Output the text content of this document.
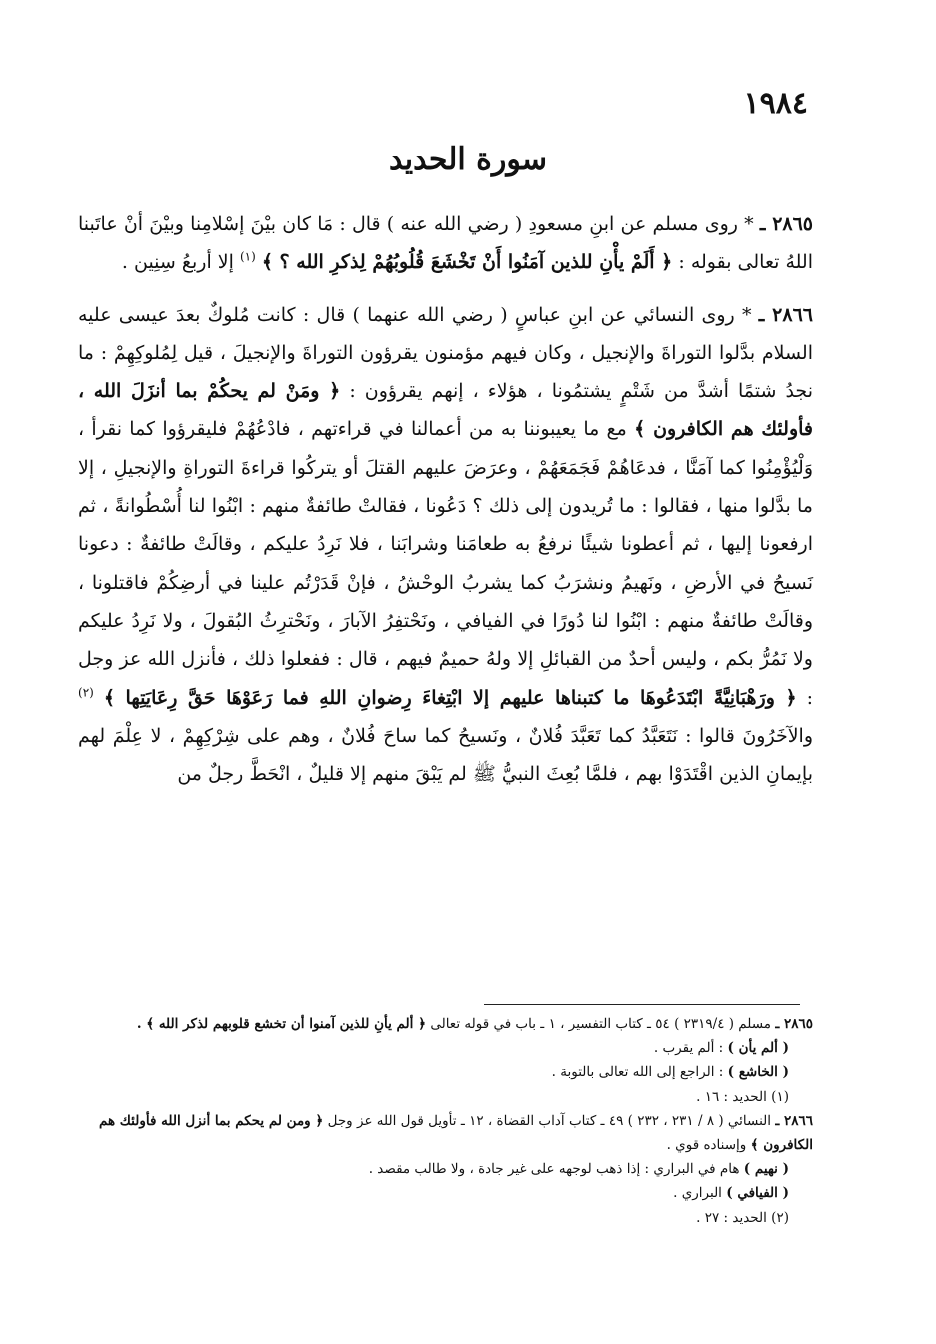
١٩٨٤
سورة الحديد

٢٨٦٥ ـ * روى مسلم عن ابنِ مسعودِ ( رضي الله عنه ) قال : مَا كان بيْنَ إسْلامِنا وبيْنَ أنْ عاتَبنا اللهُ تعالى بقوله : ﴿ أَلَمْ يأْنِ للذين آمَنُوا أَنْ تَخْشَعَ قُلُوبُهُمْ لِذكرِ الله ؟ ﴾ $^{(١)}$ إلا أربعُ سِنِين .

٢٨٦٦ ـ * روى النسائي عن ابنِ عباسٍ ( رضي الله عنهما ) قال : كانت مُلوكٌ بعدَ عيسى عليه السلام بدَّلوا التوراةَ والإنجيل ، وكان فيهم مؤمنون يقرؤون التوراةَ والإنجيلَ ، قيل لِمُلوكِهِمْ : ما نجدُ شتمًا أشدَّ من شَتْمٍ يشتمُونا ، هؤلاء ، إنهم يقرؤون : ﴿ ومَنْ لم يحكُمْ بما أنزَلَ الله ، فأولئك هم الكافرون ﴾ مع ما يعيبوننا به من أعمالنا في قراءتهم ، فادْعُهُمْ فليقرؤوا كما نقرأ ، وَلْيُؤْمِنُوا كما آمَنَّا ، فدعَاهُمْ فَجَمَعَهُمْ ، وعرَضَ عليهم القتلَ أو يتركُوا قراءةَ التوراةِ والإنجيلِ ، إلا ما بدَّلوا منها ، فقالوا : ما تُريدون إلى ذلك ؟ دَعُونا ، فقالتْ طائفةٌ منهم : ابْنُوا لنا أُسْطُوانةً ، ثم ارفعونا إليها ، ثم أعطونا شيئًا نرفعُ به طعامَنا وشرابَنا ، فلا نَرِدُ عليكم ، وقالَتْ طائفةٌ : دعونا نَسيحُ في الأرضِ ، ونَهيمُ ونشرَبُ كما يشربُ الوحْشُ ، فإنْ قَدَرْتُم علينا في أرضِكُمْ فاقتلونا ، وقالَتْ طائفةٌ منهم : ابْنُوا لنا دُورًا في الفيافي ، ونَحْتفِرُ الآبارَ ، ونَحْترِثُ البُقولَ ، ولا نَرِدُ عليكم ولا نَمُرُّ بكم ، وليس أحدٌ من القبائلِ إلا ولهُ حميمٌ فيهم ، قال : ففعلوا ذلك ، فأنزل الله عز وجل : ﴿ ورَهْبَانِيَّةً ابْتَدَعُوهَا ما كتبناها عليهم إلا ابْتِغاءَ رِضوانِ اللهِ فما رَعَوْهَا حَقَّ رِعَايَتِها ﴾ $^{(٢)}$ والآخَرُونَ قالوا : نَتَعَبَّدُ كما تَعَبَّدَ فُلانٌ ، ونَسيحُ كما ساحَ فُلانٌ ، وهم على شِرْكِهِمْ ، لا عِلْمَ لهم بإيمانِ الذين اقْتَدَوْا بهم ، فلمَّا بُعِثَ النبيُّ ﷺ لم يَبْقَ منهم إلا قليلٌ ، انْحَطَّ رجلٌ من

٢٨٦٥ ـ مسلم ( ٢٣١٩/٤ ) ٥٤ ـ كتاب التفسير ، ١ ـ باب في قوله تعالى ﴿ ألم يأنِ للذين آمنوا أن تخشع قلوبهم لذكر الله ﴾ .

( ألم يأن ) : ألم يقرب .

( الخاشع ) : الراجع إلى الله تعالى بالتوبة .

(١) الحديد : ١٦ .

٢٨٦٦ ـ النسائي ( ٨ / ٢٣١ ، ٢٣٢ ) ٤٩ ـ كتاب آداب القضاة ، ١٢ ـ تأويل قول الله عز وجل ﴿ ومن لم يحكم بما أنزل الله فأولئك هم الكافرون ﴾ وإسناده قوي .

( نهيم ) هام في البراري : إذا ذهب لوجهه على غير جادة ، ولا طالب مقصد .

( الفيافي ) البراري .

(٢) الحديد : ٢٧ .
